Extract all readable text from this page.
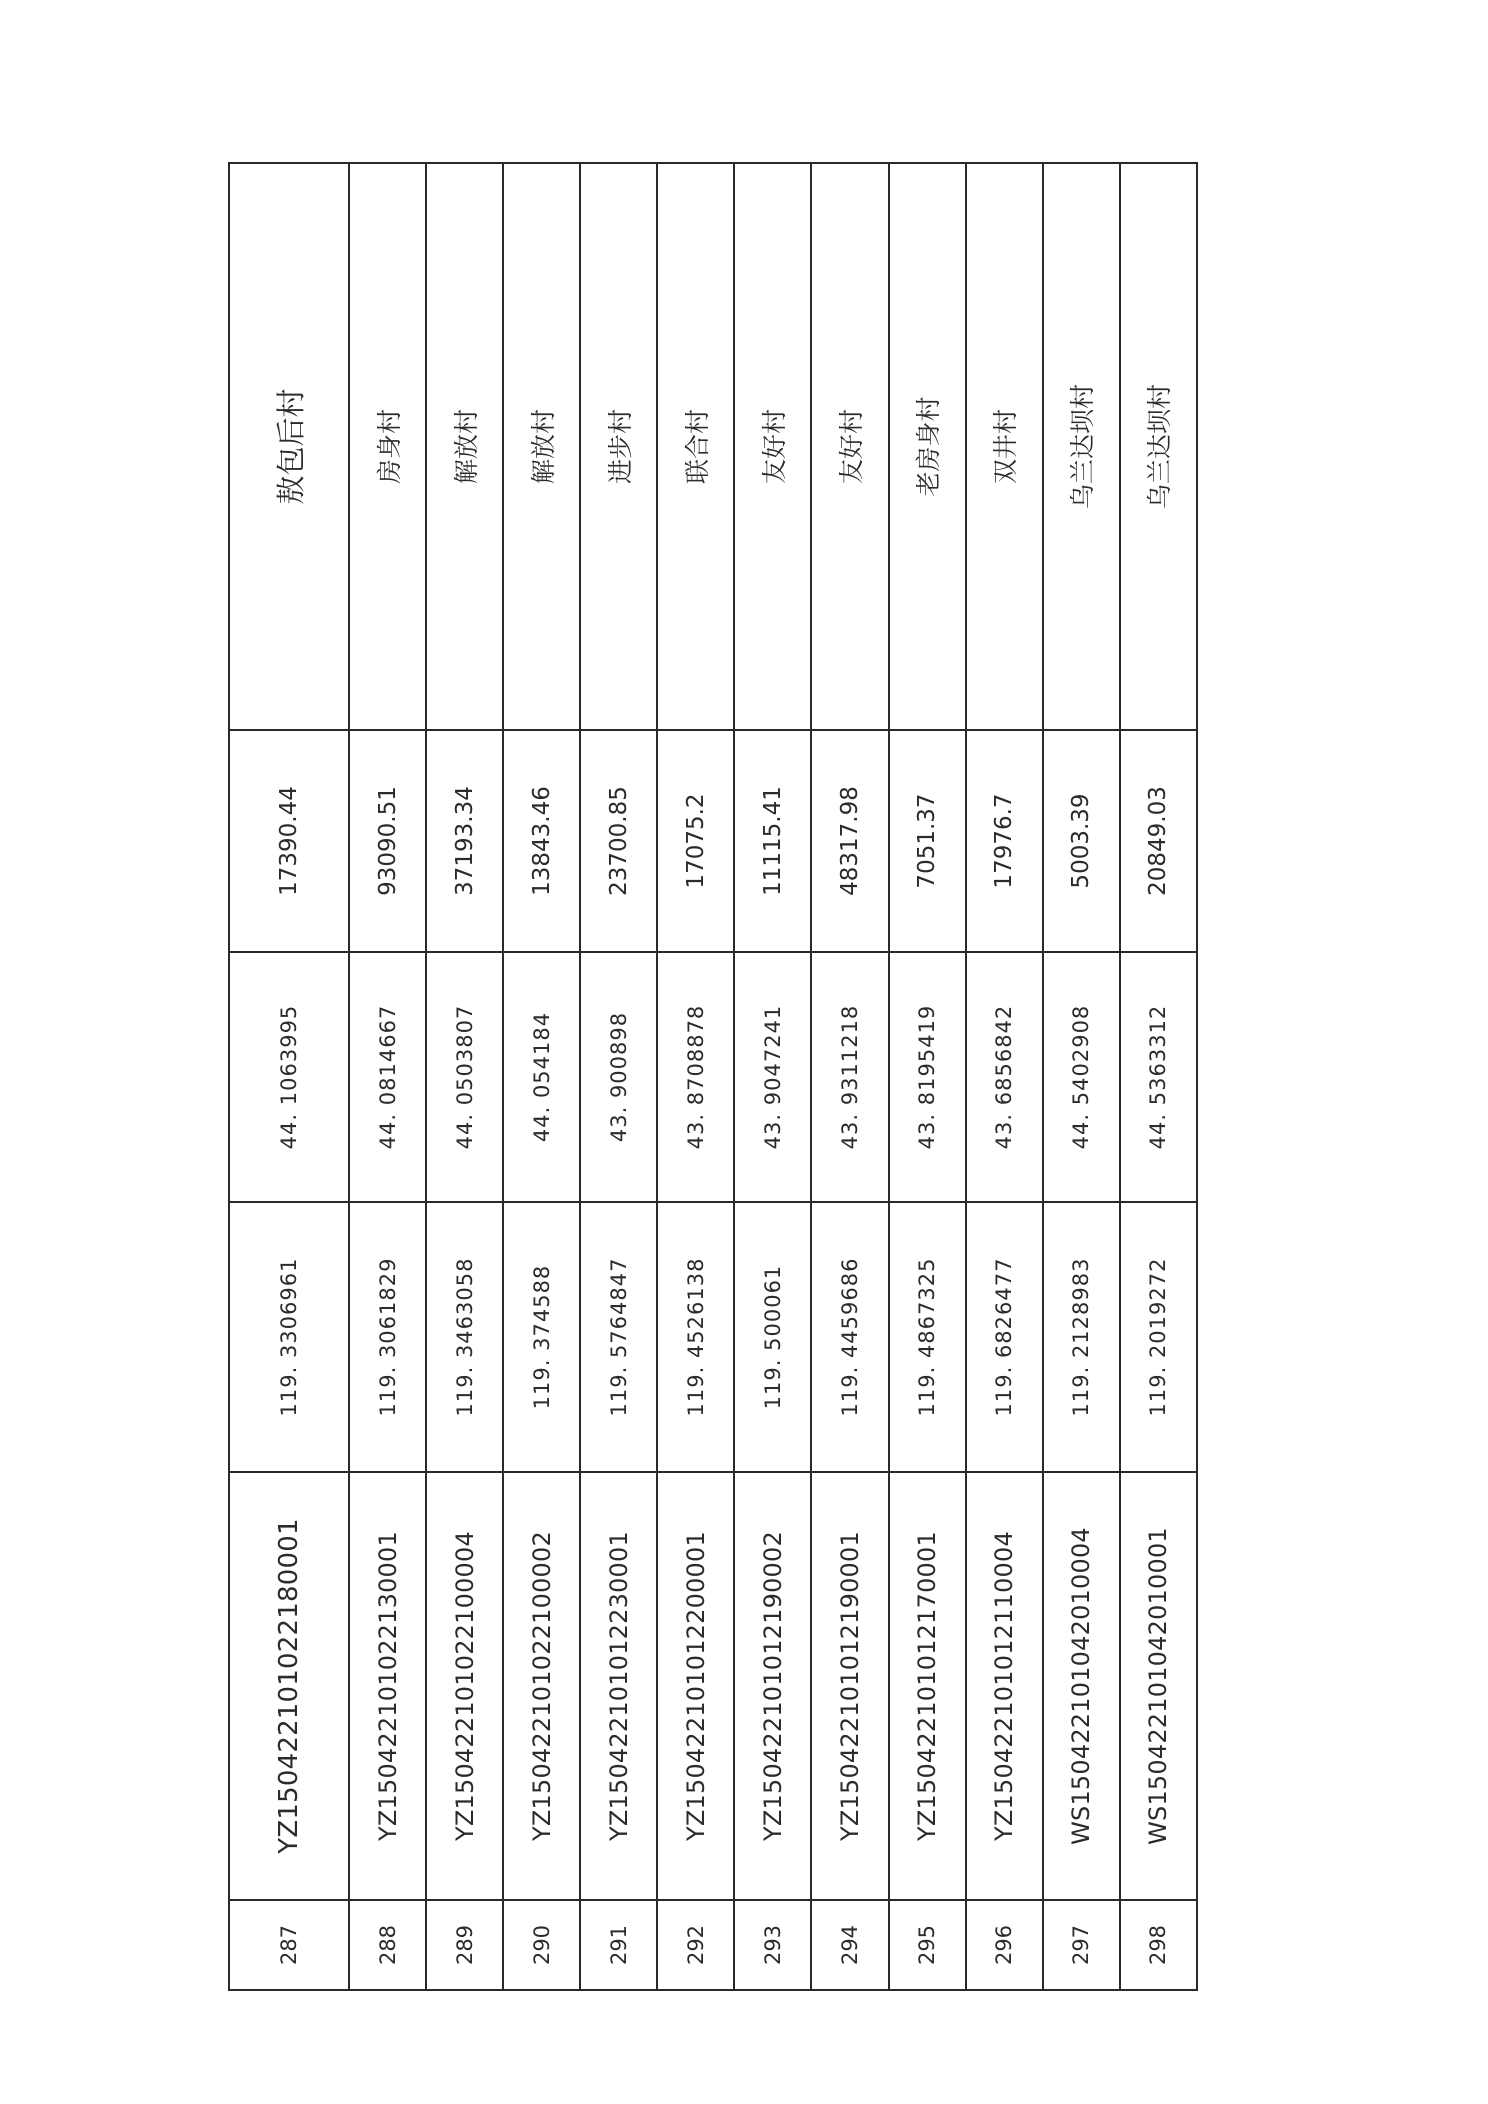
287	YZ150422101022180001	119. 3306961	44. 1063995	17390.44	敖包后村
288	YZ150422101022130001	119. 3061829	44. 0814667	93090.51	房身村
289	YZ150422101022100004	119. 3463058	44. 0503807	37193.34	解放村
290	YZ150422101022100002	119. 374588	44. 054184	13843.46	解放村
291	YZ150422101012230001	119. 5764847	43. 900898	23700.85	进步村
292	YZ150422101012200001	119. 4526138	43. 8708878	17075.2	联合村
293	YZ150422101012190002	119. 500061	43. 9047241	11115.41	友好村
294	YZ150422101012190001	119. 4459686	43. 9311218	48317.98	友好村
295	YZ150422101012170001	119. 4867325	43. 8195419	7051.37	老房身村
296	YZ150422101012110004	119. 6826477	43. 6856842	17976.7	双井村
297	WS150422101042010004	119. 2128983	44. 5402908	5003.39	乌兰达坝村
298	WS150422101042010001	119. 2019272	44. 5363312	20849.03	乌兰达坝村
